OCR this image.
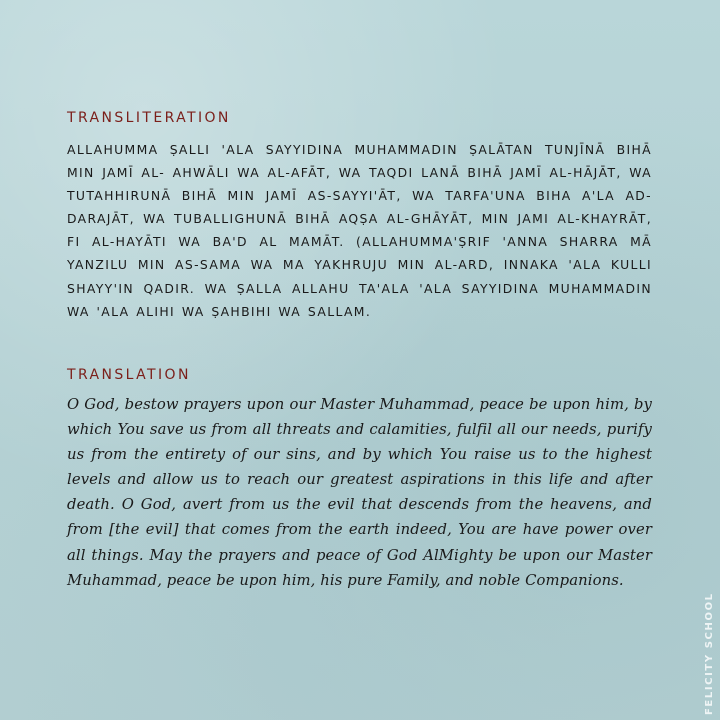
TRANSLITERATION

ALLAHUMMA ṢALLI 'ALA SAYYIDINA MUHAMMADIN ṢALĀTAN TUNJĪNĀ BIHĀ MIN JAMĪ AL- AHWĀLI WA AL-AFĀT, WA TAQDI LANĀ BIHĀ JAMĪ AL-HĀJĀT, WA TUTAHHIRUNĀ BIHĀ MIN JAMĪ AS-SAYYI'ĀT, WA TARFA'UNA BIHA A'LA AD-DARAJĀT, WA TUBALLIGHUNĀ BIHĀ AQṢA AL-GHĀYĀT, MIN JAMI AL-KHAYRĀT, FI AL-HAYĀTI WA BA'D AL MAMĀT. (ALLAHUMMA'ṢRIF 'ANNA SHARRA MĀ YANZILU MIN AS-SAMA WA MA YAKHRUJU MIN AL-ARD, INNAKA 'ALA KULLI SHAYY'IN QADIR. WA ṢALLA ALLAHU TA'ALA 'ALA SAYYIDINA MUHAMMADIN WA 'ALA ALIHI WA ṢAHBIHI WA SALLAM.

TRANSLATION

O God, bestow prayers upon our Master Muhammad, peace be upon him, by which You save us from all threats and calamities, fulfil all our needs, purify us from the entirety of our sins, and by which You raise us to the highest levels and allow us to reach our greatest aspirations in this life and after death. O God, avert from us the evil that descends from the heavens, and from [the evil] that comes from the earth indeed, You are have power over all things. May the prayers and peace of God AlMighty be upon our Master Muhammad, peace be upon him, his pure Family, and noble Companions.

FELICITY SCHOOL
